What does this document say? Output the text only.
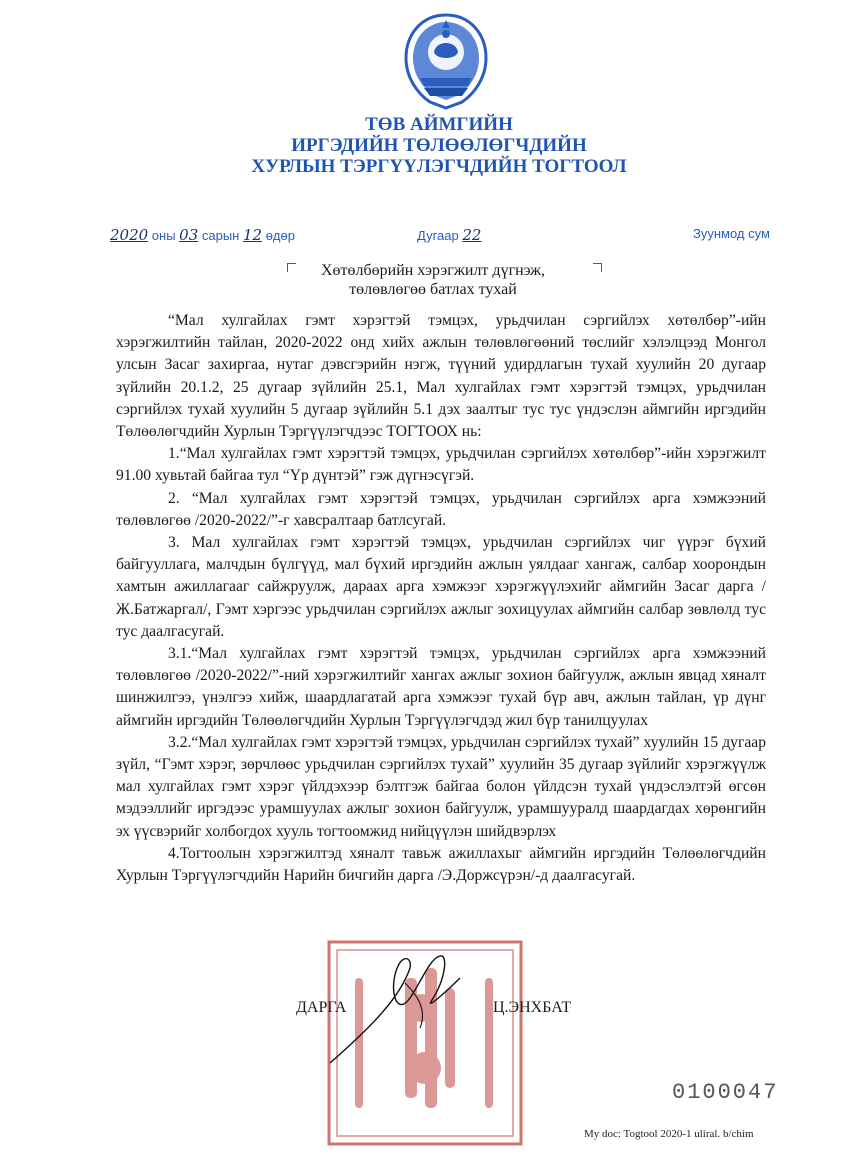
ТӨВ АЙМГИЙН
ИРГЭДИЙН ТӨЛӨӨЛӨГЧДИЙН
ХУРЛЫН ТЭРГҮҮЛЭГЧДИЙН ТОГТООЛ
2020 оны 03 сарын 12 өдөр	Дугаар 22	Зуунмод сум
Хөтөлбөрийн хэрэгжилт дүгнэж,
төлөвлөгөө батлах тухай

“Мал хулгайлах гэмт хэрэгтэй тэмцэх, урьдчилан сэргийлэх хөтөлбөр”-ийн хэрэгжилтийн тайлан, 2020-2022 онд хийх ажлын төлөвлөгөөний төслийг хэлэлцээд Монгол улсын Засаг захиргаа, нутаг дэвсгэрийн нэгж, түүний удирдлагын тухай хуулийн 20 дугаар зүйлийн 20.1.2, 25 дугаар зүйлийн 25.1, Мал хулгайлах гэмт хэрэгтэй тэмцэх, урьдчилан сэргийлэх тухай хуулийн 5 дугаар зүйлийн 5.1 дэх заалтыг тус тус үндэслэн аймгийн иргэдийн Төлөөлөгчдийн Хурлын Тэргүүлэгчдээс ТОГТООХ нь:

1.“Мал хулгайлах гэмт хэрэгтэй тэмцэх, урьдчилан сэргийлэх хөтөлбөр”-ийн хэрэгжилт 91.00 хувьтай байгаа тул “Үр дүнтэй” гэж дүгнэсүгэй.

2. “Мал хулгайлах гэмт хэрэгтэй тэмцэх, урьдчилан сэргийлэх арга хэмжээний төлөвлөгөө /2020-2022/”-г хавсралтаар батлсугай.

3. Мал хулгайлах гэмт хэрэгтэй тэмцэх, урьдчилан сэргийлэх чиг үүрэг бүхий байгууллага, малчдын бүлгүүд, мал бүхий иргэдийн ажлын уялдааг хангаж, салбар хоорондын хамтын ажиллагааг сайжруулж, дараах арга хэмжээг хэрэгжүүлэхийг аймгийн Засаг дарга /Ж.Батжаргал/, Гэмт хэргээс урьдчилан сэргийлэх ажлыг зохицуулах аймгийн салбар зөвлөлд тус тус даалгасугай.

3.1.“Мал хулгайлах гэмт хэрэгтэй тэмцэх, урьдчилан сэргийлэх арга хэмжээний төлөвлөгөө /2020-2022/”-ний хэрэгжилтийг хангах ажлыг зохион байгуулж, ажлын явцад хяналт шинжилгээ, үнэлгээ хийж, шаардлагатай арга хэмжээг тухай бүр авч, ажлын тайлан, үр дүнг аймгийн иргэдийн Төлөөлөгчдийн Хурлын Тэргүүлэгчдэд жил бүр танилцуулах

3.2.“Мал хулгайлах гэмт хэрэгтэй тэмцэх, урьдчилан сэргийлэх тухай” хуулийн 15 дугаар зүйл, “Гэмт хэрэг, зөрчлөөс урьдчилан сэргийлэх тухай” хуулийн 35 дугаар зүйлийг хэрэгжүүлж мал хулгайлах гэмт хэрэг үйлдэхээр бэлтгэж байгаа болон үйлдсэн тухай үндэслэлтэй өгсөн мэдээллийг иргэдээс урамшуулах ажлыг зохион байгуулж, урамшууралд шаардагдах хөрөнгийн эх үүсвэрийг холбогдох хууль тогтоомжид нийцүүлэн шийдвэрлэх

4.Тогтоолын хэрэгжилтэд хяналт тавьж ажиллахыг аймгийн иргэдийн Төлөөлөгчдийн Хурлын Тэргүүлэгчдийн Нарийн бичгийн дарга /Э.Доржсүрэн/-д даалгасугай.

ДАРГА	Ц.ЭНХБАТ
0100047
My doc: Togtool 2020-1 uliral. b/chim
